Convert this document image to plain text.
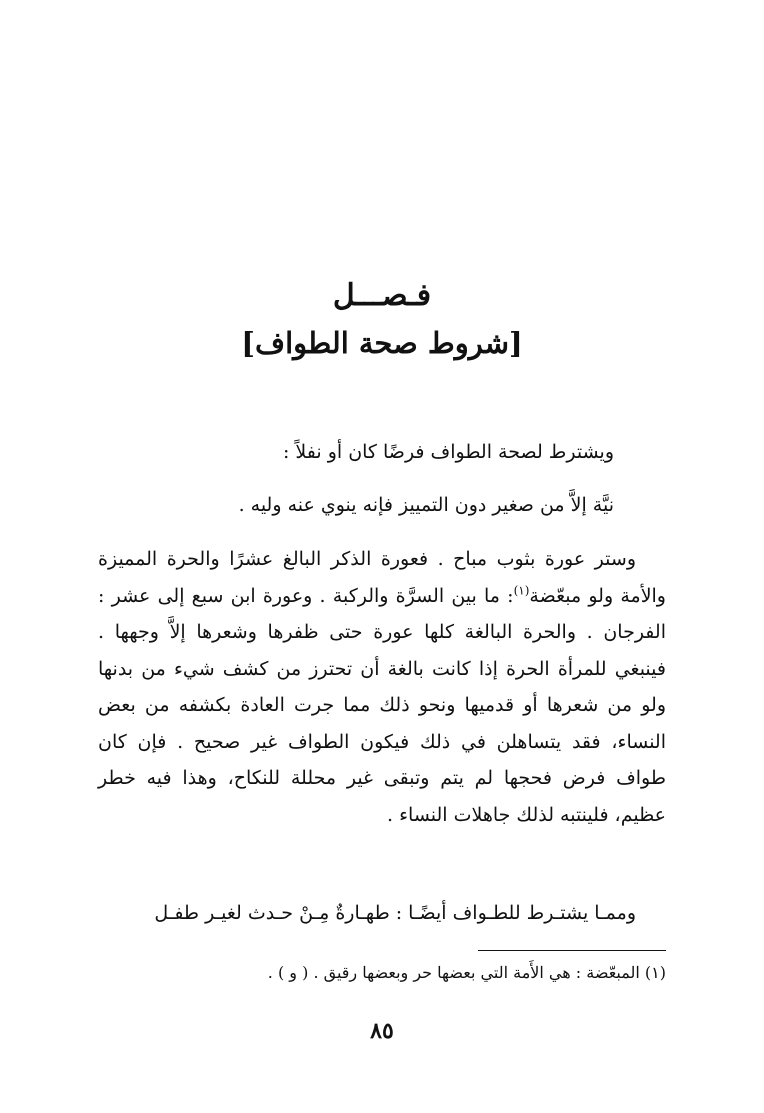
فـصـــل
[شروط صحة الطواف]
ويشترط لصحة الطواف فرضًا كان أو نفلاً :
نيَّة إلاَّ من صغير دون التمييز فإنه ينوي عنه وليه .
وستر عورة بثوب مباح . فعورة الذكر البالغ عشرًا والحرة المميزة والأمة ولو مبعّضة$^{(١)}$: ما بين السرَّة والركبة . وعورة ابن سبع إلى عشر : الفرجان . والحرة البالغة كلها عورة حتى ظفرها وشعرها إلاَّ وجهها . فينبغي للمرأة الحرة إذا كانت بالغة أن تحترز من كشف شيء من بدنها ولو من شعرها أو قدميها ونحو ذلك مما جرت العادة بكشفه من بعض النساء، فقد يتساهلن في ذلك فيكون الطواف غير صحيح . فإن كان طواف فرض فحجها لم يتم وتبقى غير محللة للنكاح، وهذا فيه خطر عظيم، فلينتبه لذلك جاهلات النساء .
وممـا يشتـرط للطـواف أيضًـا : طهـارةٌ مِـنْ حـدث لغيـر طفـل
(١) المبعّضة : هي الأَمة التي بعضها حر وبعضها رقيق . ( و ) .
٨٥
